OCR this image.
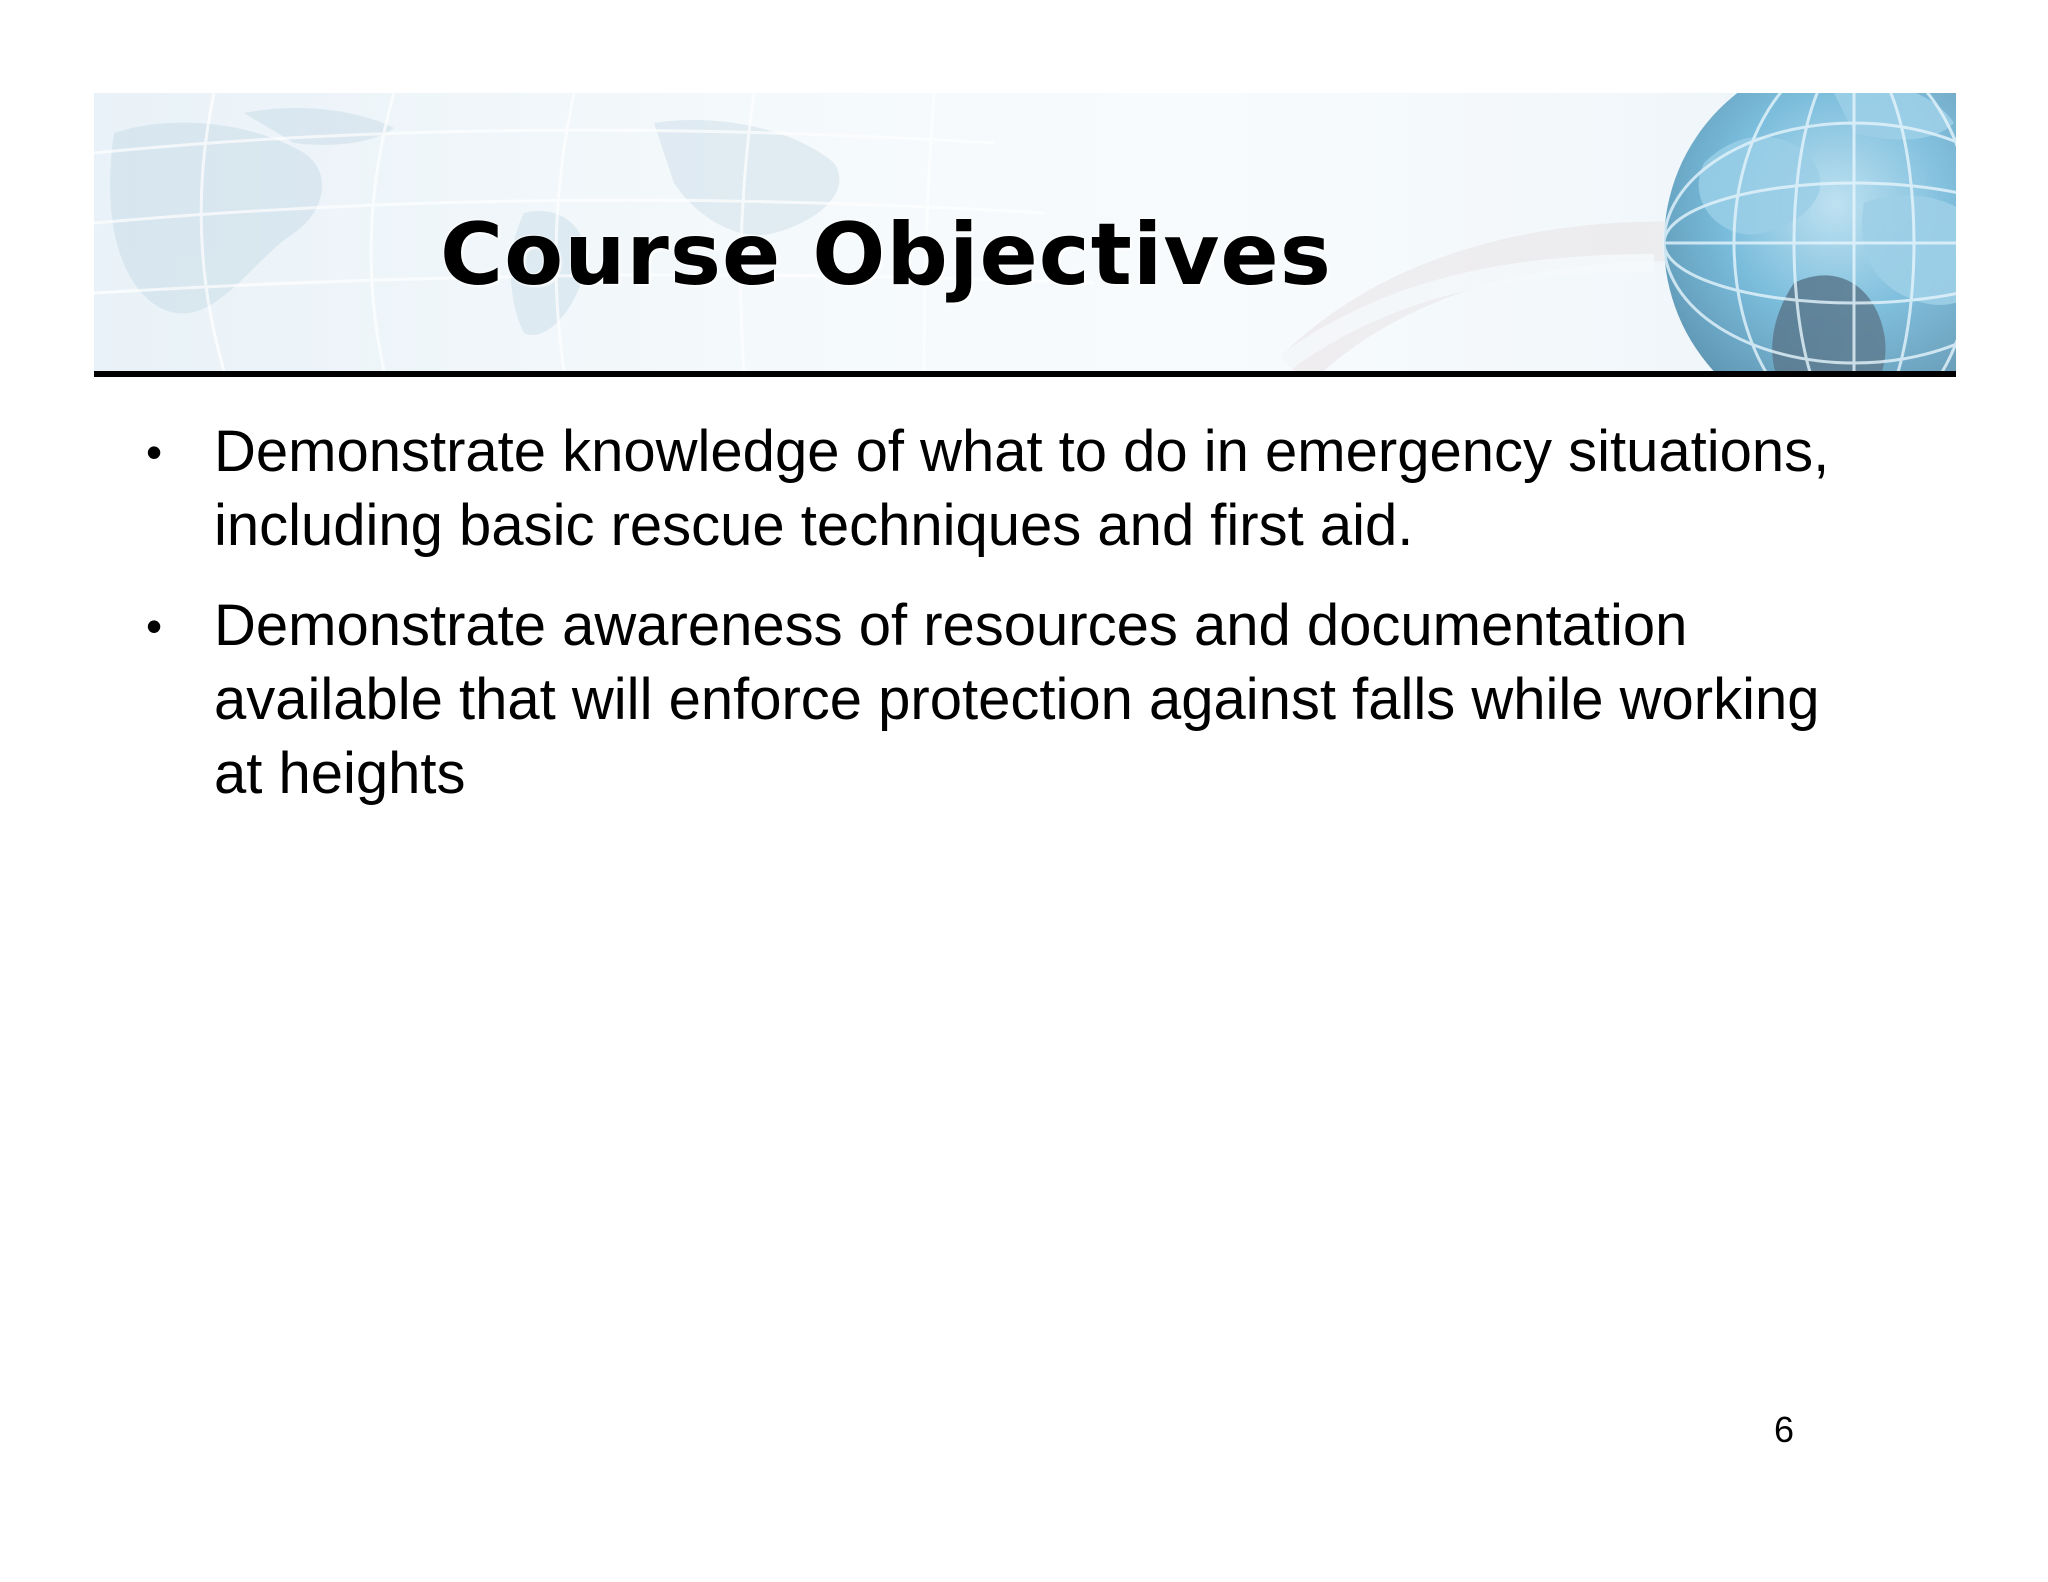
Course Objectives
• Demonstrate knowledge of what to do in emergency situations, including basic rescue techniques and first aid.
• Demonstrate awareness of resources and documentation available that will enforce protection against falls while working at heights
6
